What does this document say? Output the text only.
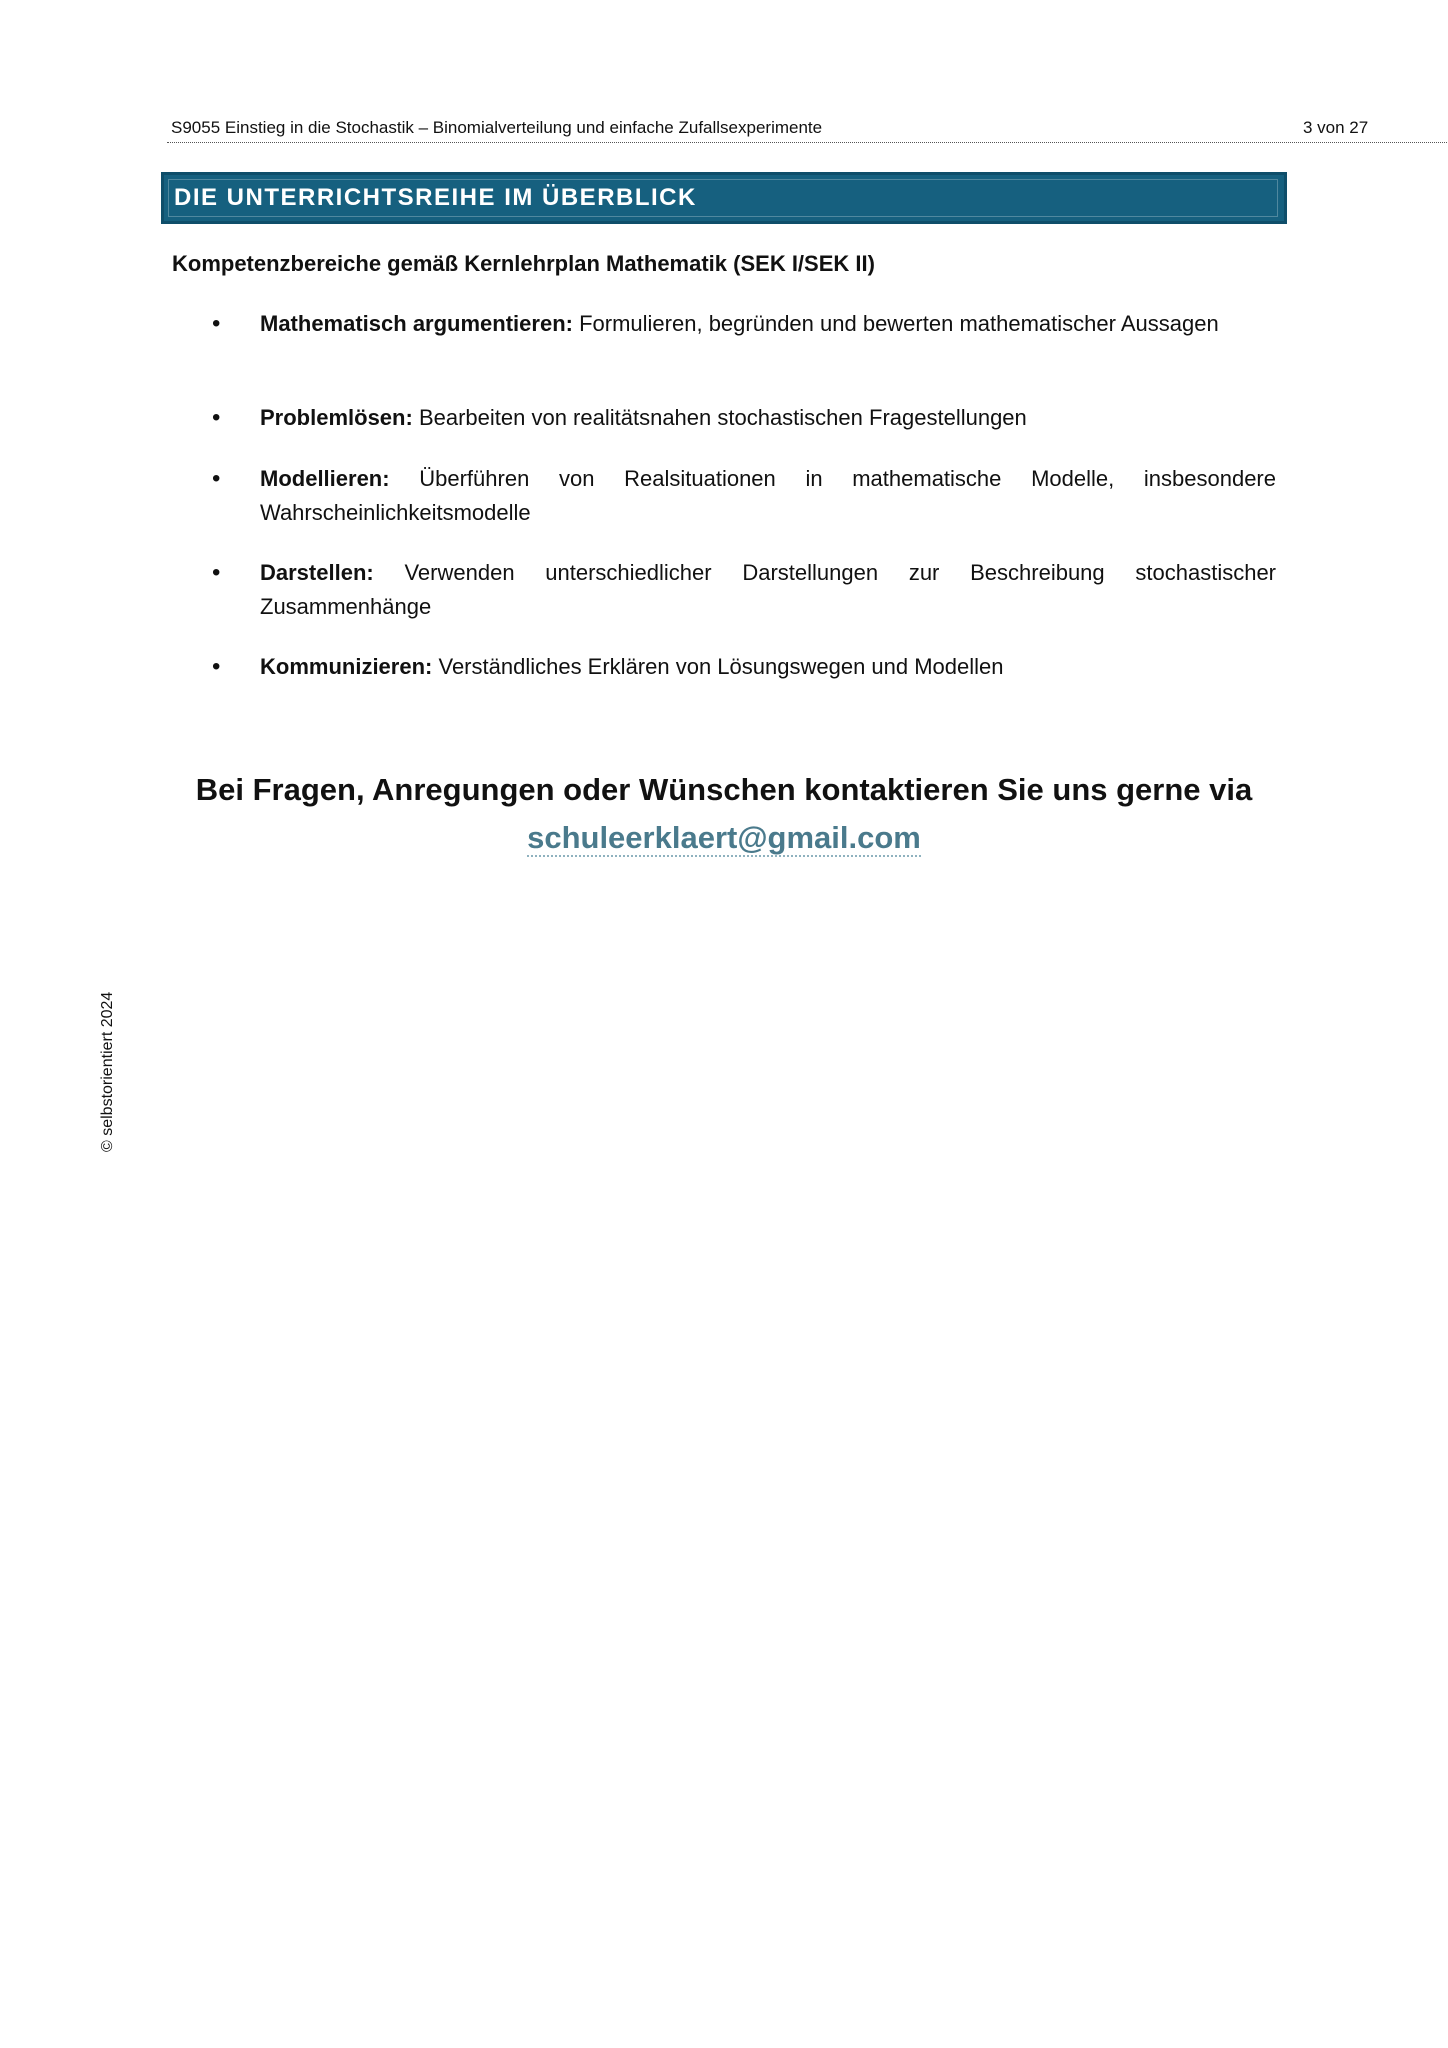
S9055 Einstieg in die Stochastik – Binomialverteilung und einfache Zufallsexperimente	3 von 27
DIE UNTERRICHTSREIHE IM ÜBERBLICK
Kompetenzbereiche gemäß Kernlehrplan Mathematik (SEK I/SEK II)
• Mathematisch argumentieren: Formulieren, begründen und bewerten mathematischer Aussagen
• Problemlösen: Bearbeiten von realitätsnahen stochastischen Fragestellungen
• Modellieren: Überführen von Realsituationen in mathematische Modelle, insbesondere Wahrscheinlichkeitsmodelle
• Darstellen: Verwenden unterschiedlicher Darstellungen zur Beschreibung stochastischer Zusammenhänge
• Kommunizieren: Verständliches Erklären von Lösungswegen und Modellen
Bei Fragen, Anregungen oder Wünschen kontaktieren Sie uns gerne via
schuleerklaert@gmail.com
© selbstorientiert 2024
